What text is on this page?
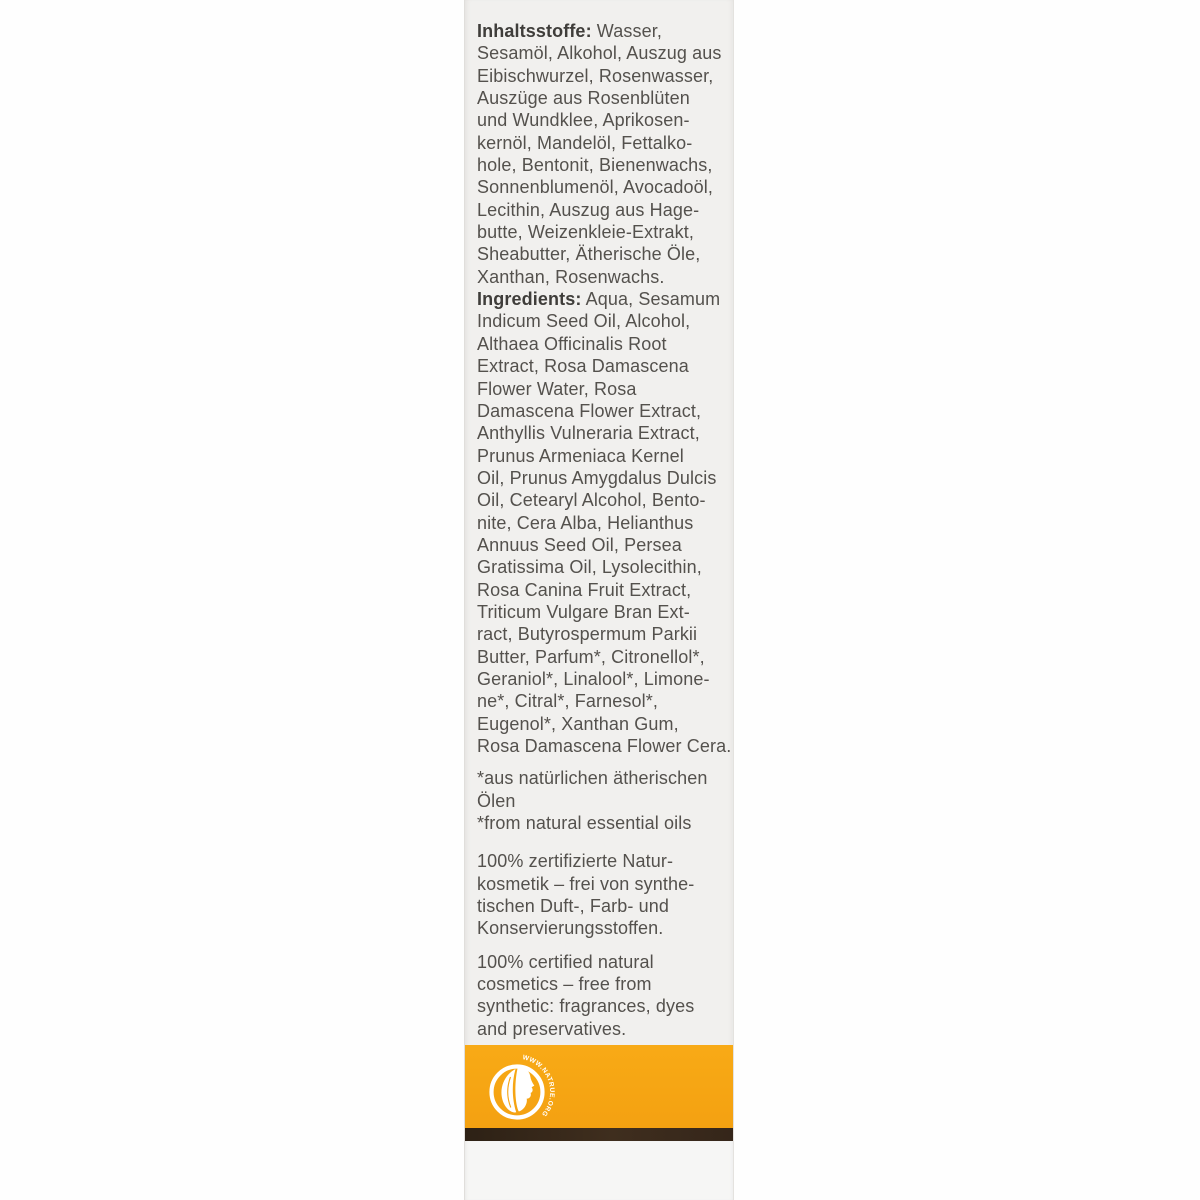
Inhaltsstoffe: Wasser,
Sesamöl, Alkohol, Auszug aus
Eibischwurzel, Rosenwasser,
Auszüge aus Rosenblüten
und Wundklee, Aprikosen-
kernöl, Mandelöl, Fettalko-
hole, Bentonit, Bienenwachs,
Sonnenblumenöl, Avocadoöl,
Lecithin, Auszug aus Hage-
butte, Weizenkleie-Extrakt,
Sheabutter, Ätherische Öle,
Xanthan, Rosenwachs.
Ingredients: Aqua, Sesamum
Indicum Seed Oil, Alcohol,
Althaea Officinalis Root
Extract, Rosa Damascena
Flower Water, Rosa
Damascena Flower Extract,
Anthyllis Vulneraria Extract,
Prunus Armeniaca Kernel
Oil, Prunus Amygdalus Dulcis
Oil, Cetearyl Alcohol, Bento-
nite, Cera Alba, Helianthus
Annuus Seed Oil, Persea
Gratissima Oil, Lysolecithin,
Rosa Canina Fruit Extract,
Triticum Vulgare Bran Ext-
ract, Butyrospermum Parkii
Butter, Parfum*, Citronellol*,
Geraniol*, Linalool*, Limone-
ne*, Citral*, Farnesol*,
Eugenol*, Xanthan Gum,
Rosa Damascena Flower Cera.
*aus natürlichen ätherischen
Ölen
*from natural essential oils
100% zertifizierte Natur-
kosmetik – frei von synthe-
tischen Duft-, Farb- und
Konservierungsstoffen.
100% certified natural
cosmetics – free from
synthetic: fragrances, dyes
and preservatives.
WWW.NATRUE.ORG
